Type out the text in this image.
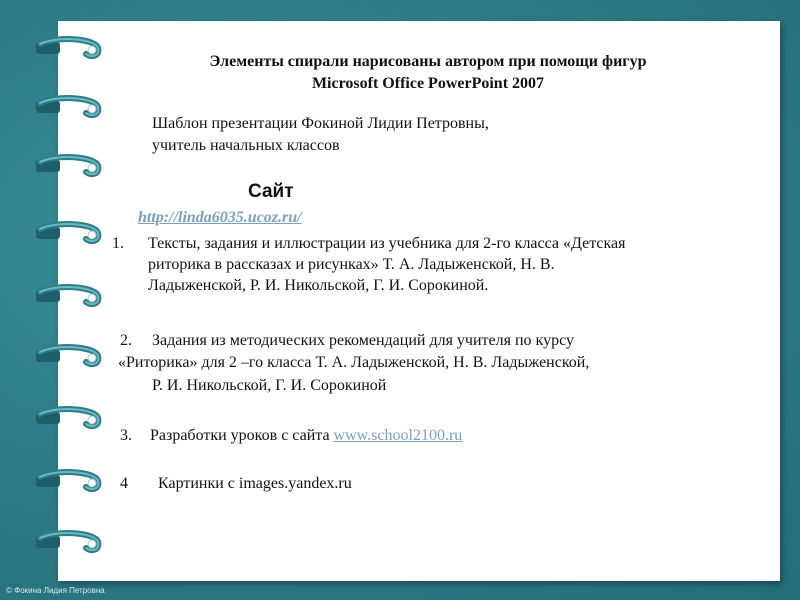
Элементы спирали нарисованы автором при помощи фигур
Microsoft Office PowerPoint 2007
Шаблон презентации Фокиной Лидии Петровны,
учитель начальных классов
Сайт
http://linda6035.ucoz.ru/
1. Тексты, задания и иллюстрации из учебника для 2-го класса «Детская
риторика в рассказах и рисунках» Т. А. Ладыженской, Н. В.
Ладыженской, Р. И. Никольской, Г. И. Сорокиной.
2. Задания из методических рекомендаций для учителя по курсу
«Риторика» для 2 –го класса Т. А. Ладыженской, Н. В. Ладыженской,
Р. И. Никольской, Г. И. Сорокиной
3. Разработки уроков с сайта www.school2100.ru
4 Картинки с images.yandex.ru
© Фокина Лидия Петровна
